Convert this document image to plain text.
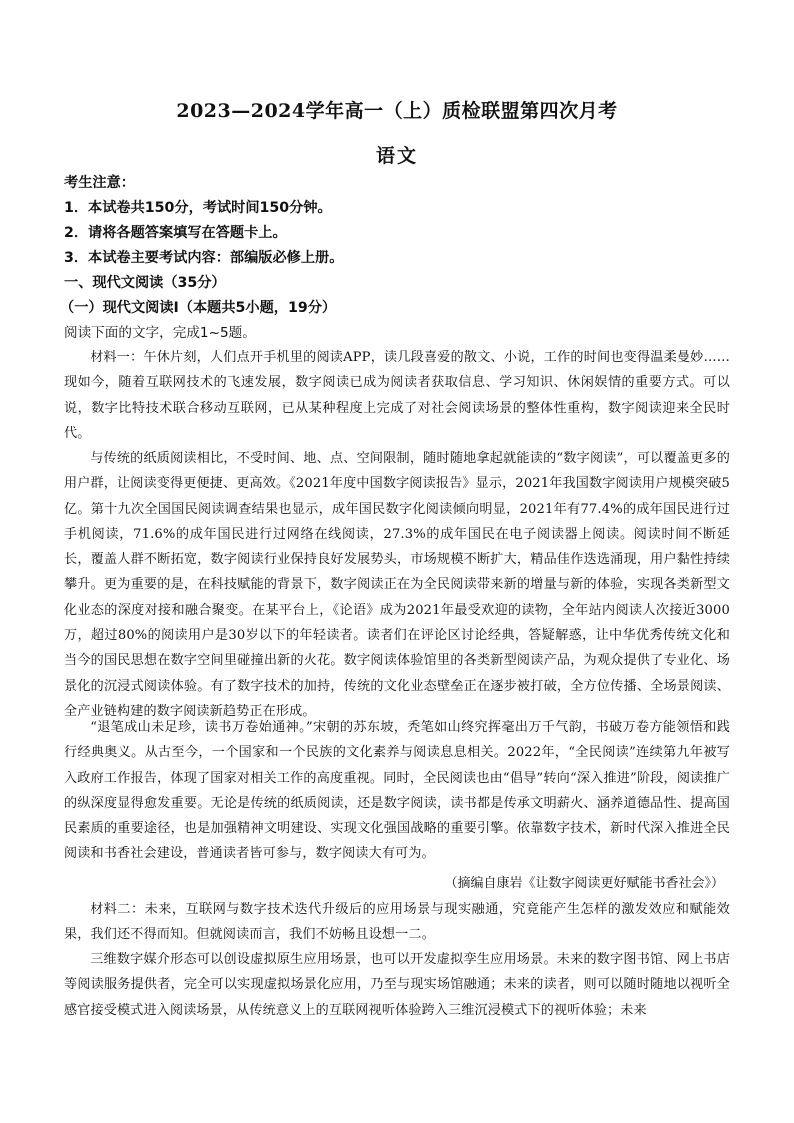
2023—2024学年高一（上）质检联盟第四次月考
语文
考生注意：
1．本试卷共150分，考试时间150分钟。
2．请将各题答案填写在答题卡上。
3．本试卷主要考试内容：部编版必修上册。
一、现代文阅读（35分）
（一）现代文阅读Ⅰ（本题共5小题，19分）
阅读下面的文字，完成1~5题。

材料一：午休片刻，人们点开手机里的阅读APP，读几段喜爱的散文、小说，工作的时间也变得温柔曼妙……现如今，随着互联网技术的飞速发展，数字阅读已成为阅读者获取信息、学习知识、休闲娱情的重要方式。可以说，数字比特技术联合移动互联网，已从某种程度上完成了对社会阅读场景的整体性重构，数字阅读迎来全民时代。

与传统的纸质阅读相比，不受时间、地、点、空间限制，随时随地拿起就能读的“数字阅读”，可以覆盖更多的用户群，让阅读变得更便捷、更高效。《2021年度中国数字阅读报告》显示，2021年我国数字阅读用户规模突破5亿。第十九次全国国民阅读调查结果也显示，成年国民数字化阅读倾向明显，2021年有77.4%的成年国民进行过手机阅读，71.6%的成年国民进行过网络在线阅读，27.3%的成年国民在电子阅读器上阅读。阅读时间不断延长，覆盖人群不断拓宽，数字阅读行业保持良好发展势头，市场规模不断扩大，精品佳作迭选涌现，用户黏性持续攀升。更为重要的是，在科技赋能的背景下，数字阅读正在为全民阅读带来新的增量与新的体验，实现各类新型文化业态的深度对接和融合聚变。在某平台上，《论语》成为2021年最受欢迎的读物，全年站内阅读人次接近3000万，超过80%的阅读用户是30岁以下的年轻读者。读者们在评论区讨论经典，答疑解惑，让中华优秀传统文化和当今的国民思想在数字空间里碰撞出新的火花。数字阅读体验馆里的各类新型阅读产品，为观众提供了专业化、场景化的沉浸式阅读体验。有了数字技术的加持，传统的文化业态壁垒正在逐步被打破，全方位传播、全场景阅读、全产业链构建的数字阅读新趋势正在形成。

“退笔成山未足珍，读书万卷始通神。”宋朝的苏东坡，秃笔如山终究挥毫出万千气韵，书破万卷方能领悟和践行经典奥义。从古至今，一个国家和一个民族的文化素养与阅读息息相关。2022年，“全民阅读”连续第九年被写入政府工作报告，体现了国家对相关工作的高度重视。同时，全民阅读也由“倡导”转向“深入推进”阶段，阅读推广的纵深度显得愈发重要。无论是传统的纸质阅读，还是数字阅读，读书都是传承文明薪火、涵养道德品性、提高国民素质的重要途径，也是加强精神文明建设、实现文化强国战略的重要引擎。依靠数字技术，新时代深入推进全民阅读和书香社会建设，普通读者皆可参与，数字阅读大有可为。

（摘编自康岩《让数字阅读更好赋能书香社会》）

材料二：未来，互联网与数字技术迭代升级后的应用场景与现实融通，究竟能产生怎样的激发效应和赋能效果，我们还不得而知。但就阅读而言，我们不妨畅且设想一二。

三维数字媒介形态可以创设虚拟原生应用场景，也可以开发虚拟孪生应用场景。未来的数字图书馆、网上书店等阅读服务提供者，完全可以实现虚拟场景化应用，乃至与现实场馆融通；未来的读者，则可以随时随地以视听全感官接受模式进入阅读场景，从传统意义上的互联网视听体验跨入三维沉浸模式下的视听体验；未来
